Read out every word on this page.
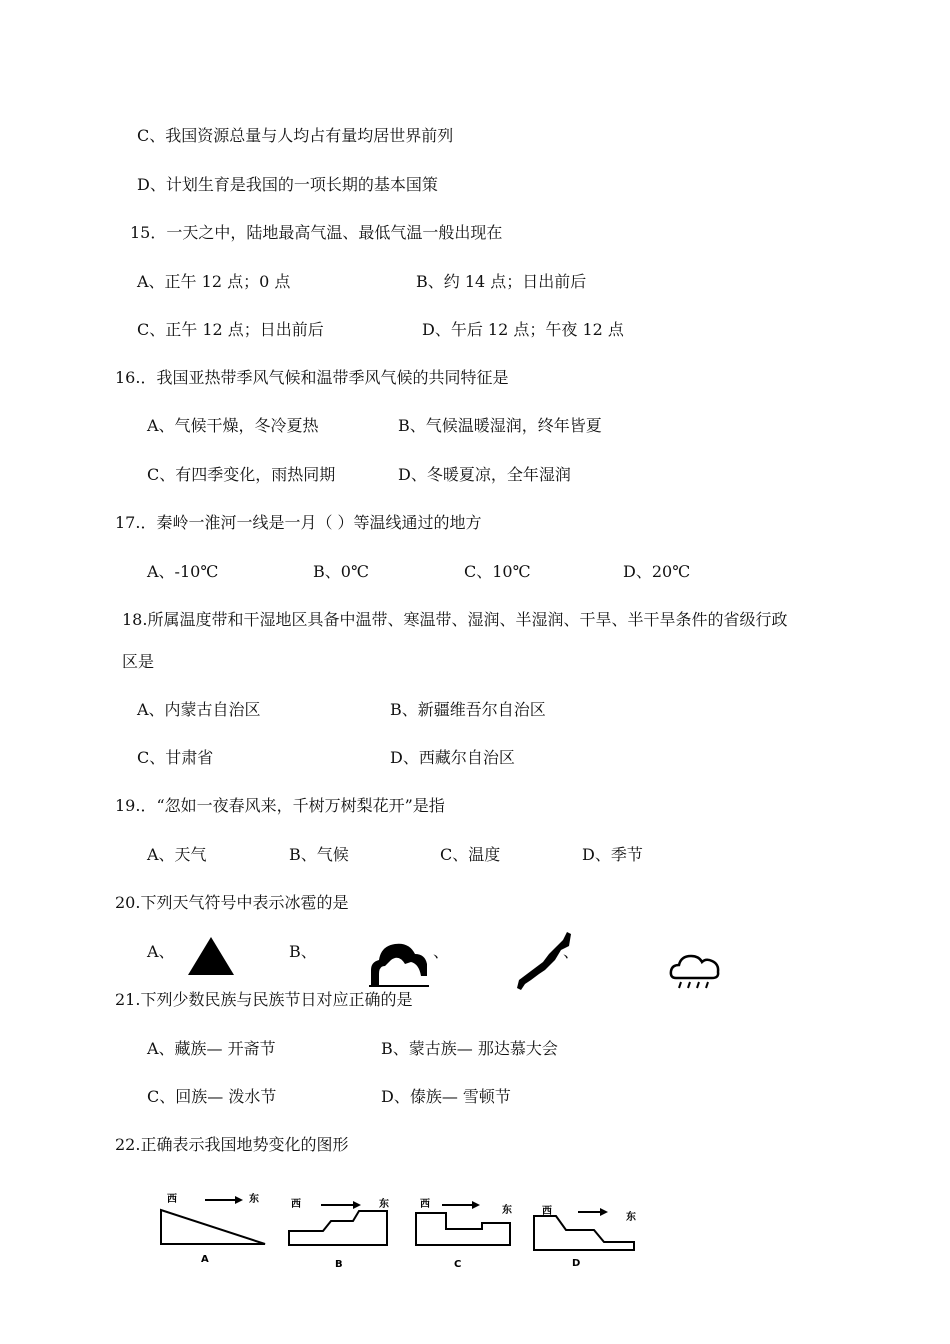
C、我国资源总量与人均占有量均居世界前列
D、计划生育是我国的一项长期的基本国策
15．一天之中，陆地最高气温、最低气温一般出现在
A、正午 12 点；0 点	B、约 14 点；日出前后
C、正午 12 点；日出前后	D、午后 12 点；午夜 12 点
16.．我国亚热带季风气候和温带季风气候的共同特征是
A、气候干燥，冬冷夏热	B、气候温暖湿润，终年皆夏
C、有四季变化，雨热同期	D、冬暖夏凉，全年湿润
17.．秦岭一淮河一线是一月（ ）等温线通过的地方
A、-10℃	B、0℃	C、10℃	D、20℃
18.所属温度带和干湿地区具备中温带、寒温带、湿润、半湿润、干旱、半干旱条件的省级行政
区是
A、内蒙古自治区	B、新疆维吾尔自治区
C、甘肃省	D、西藏尔自治区
19.．“忽如一夜春风来，千树万树梨花开”是指
A、天气	B、气候	C、温度	D、季节
20.下列天气符号中表示冰雹的是
A、	B、	、	、
21.下列少数民族与民族节日对应正确的是
A、藏族— 开斋节	B、蒙古族— 那达慕大会
C、回族— 泼水节	D、傣族— 雪顿节
22.正确表示我国地势变化的图形
西	东
A
西	东
B
西
东
C
西
东
D
